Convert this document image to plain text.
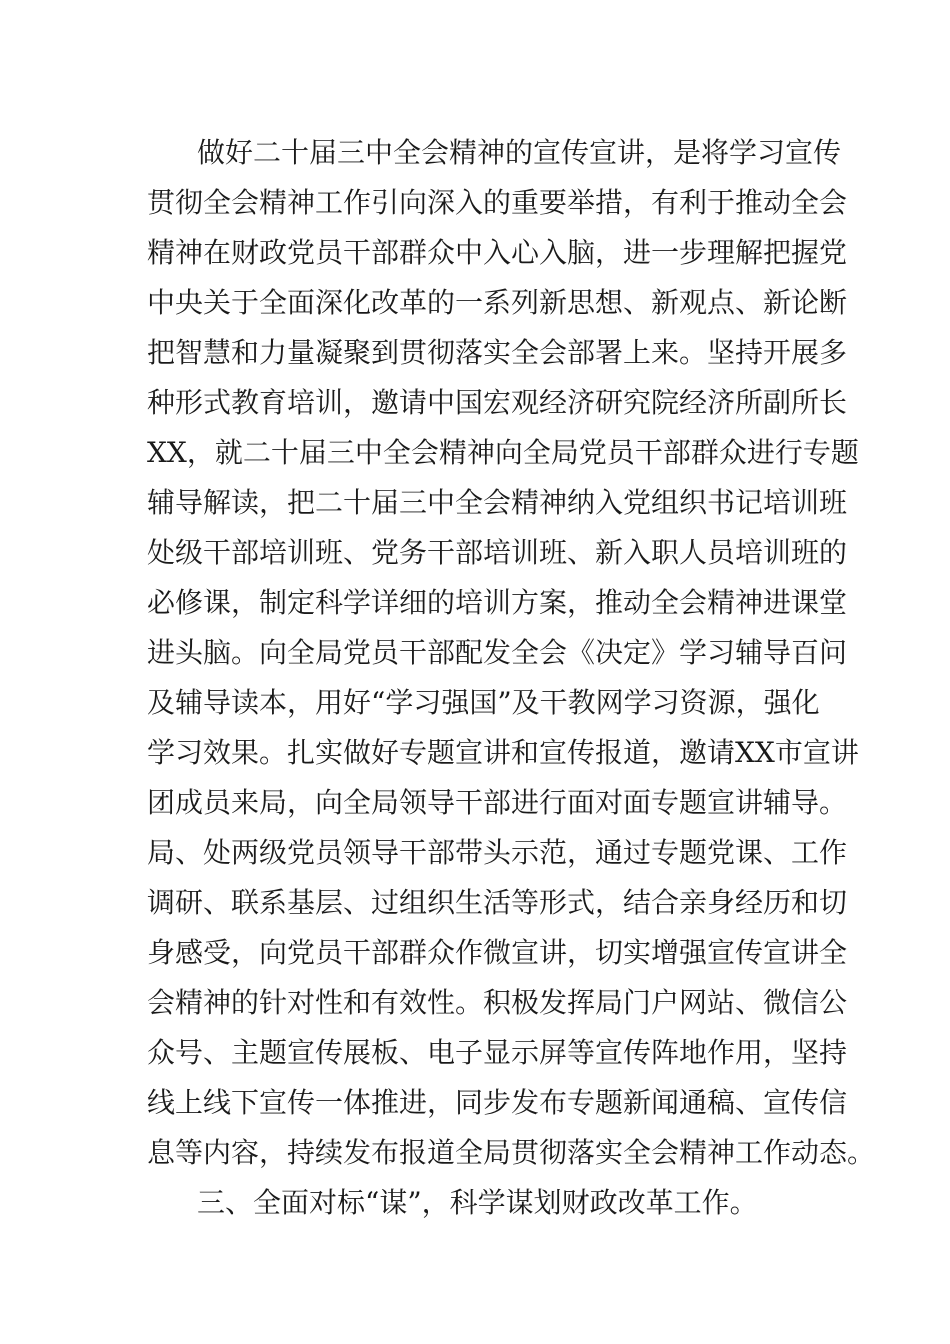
做好二十届三中全会精神的宣传宣讲，是将学习宣传
贯彻全会精神工作引向深入的重要举措，有利于推动全会
精神在财政党员干部群众中入心入脑，进一步理解把握党
中央关于全面深化改革的一系列新思想、新观点、新论断
把智慧和力量凝聚到贯彻落实全会部署上来。坚持开展多
种形式教育培训，邀请中国宏观经济研究院经济所副所长
XX，就二十届三中全会精神向全局党员干部群众进行专题
辅导解读，把二十届三中全会精神纳入党组织书记培训班
处级干部培训班、党务干部培训班、新入职人员培训班的
必修课，制定科学详细的培训方案，推动全会精神进课堂
进头脑。向全局党员干部配发全会《决定》学习辅导百问
及辅导读本，用好“学习强国”及干教网学习资源，强化
学习效果。扎实做好专题宣讲和宣传报道，邀请XX市宣讲
团成员来局，向全局领导干部进行面对面专题宣讲辅导。
局、处两级党员领导干部带头示范，通过专题党课、工作
调研、联系基层、过组织生活等形式，结合亲身经历和切
身感受，向党员干部群众作微宣讲，切实增强宣传宣讲全
会精神的针对性和有效性。积极发挥局门户网站、微信公
众号、主题宣传展板、电子显示屏等宣传阵地作用，坚持
线上线下宣传一体推进，同步发布专题新闻通稿、宣传信
息等内容，持续发布报道全局贯彻落实全会精神工作动态。
三、全面对标“谋”，科学谋划财政改革工作。
